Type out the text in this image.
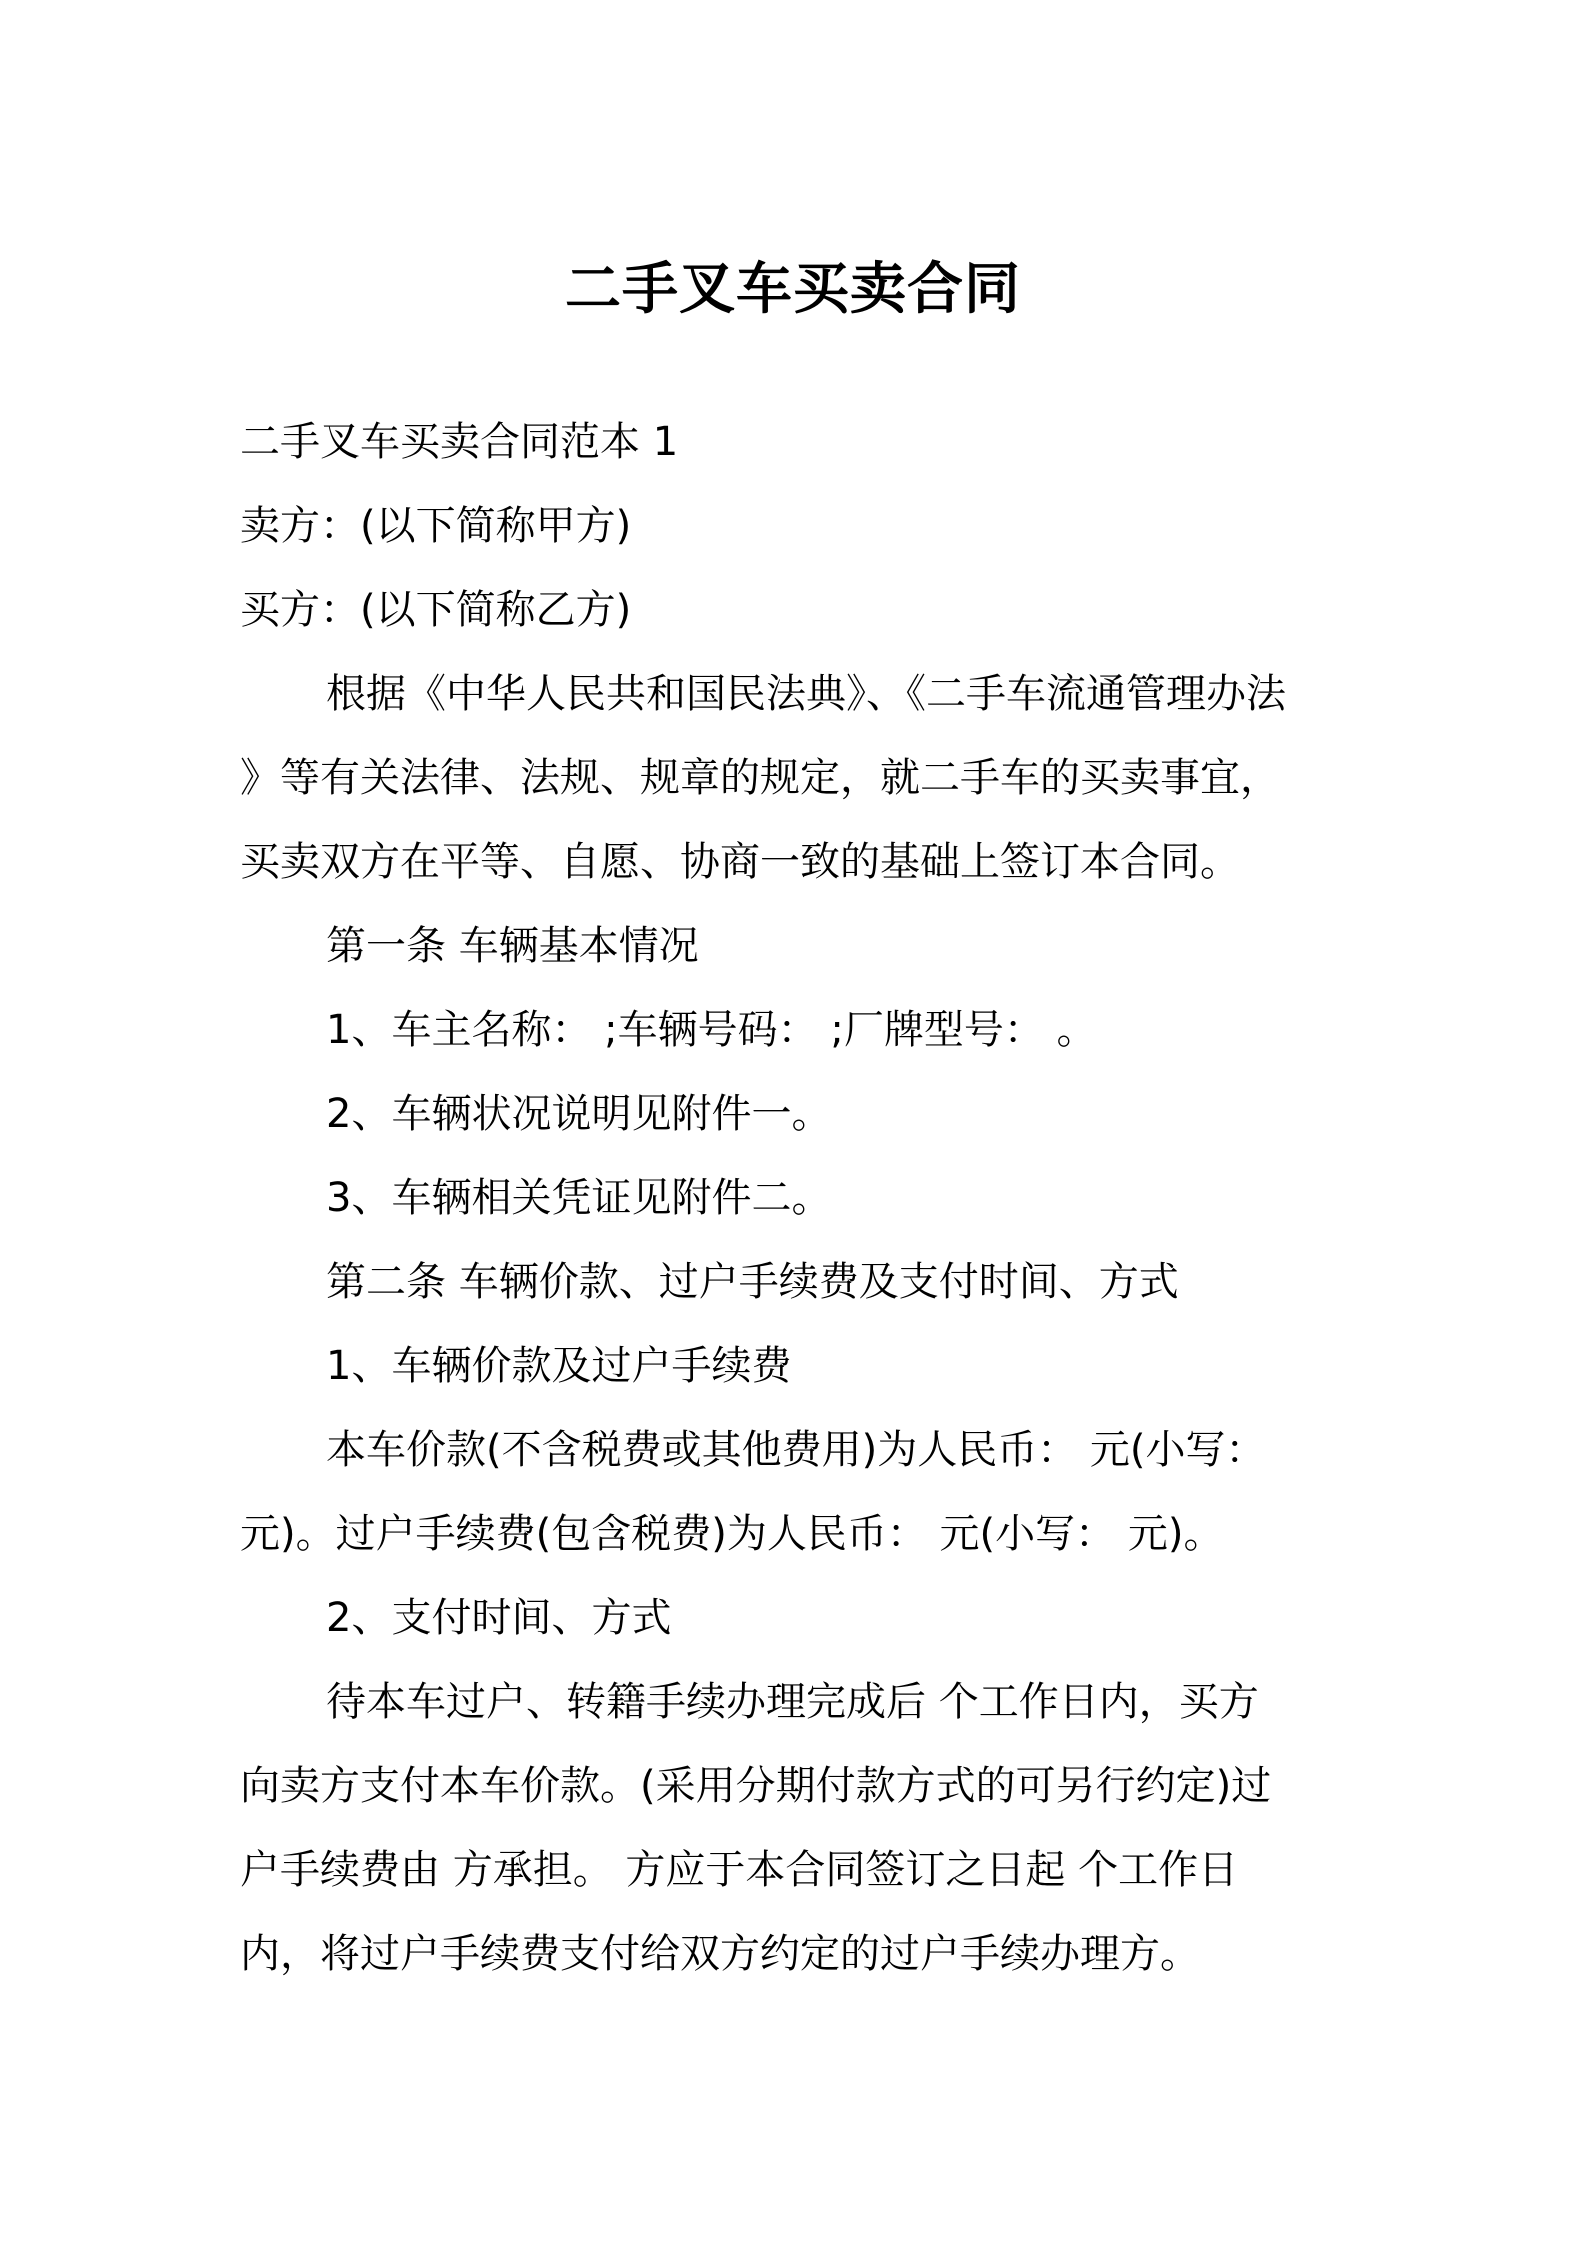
二手叉车买卖合同
二手叉车买卖合同范本 1
卖方：(以下简称甲方)
买方：(以下简称乙方)
根据《中华人民共和国民法典》、《二手车流通管理办法
》等有关法律、法规、规章的规定，就二手车的买卖事宜，
买卖双方在平等、自愿、协商一致的基础上签订本合同。
第一条 车辆基本情况
1、车主名称： ;车辆号码： ;厂牌型号： 。
2、车辆状况说明见附件一。
3、车辆相关凭证见附件二。
第二条 车辆价款、过户手续费及支付时间、方式
1、车辆价款及过户手续费
本车价款(不含税费或其他费用)为人民币： 元(小写：
元)。过户手续费(包含税费)为人民币： 元(小写： 元)。
2、支付时间、方式
待本车过户、转籍手续办理完成后 个工作日内，买方
向卖方支付本车价款。(采用分期付款方式的可另行约定)过
户手续费由 方承担。 方应于本合同签订之日起 个工作日
内，将过户手续费支付给双方约定的过户手续办理方。
